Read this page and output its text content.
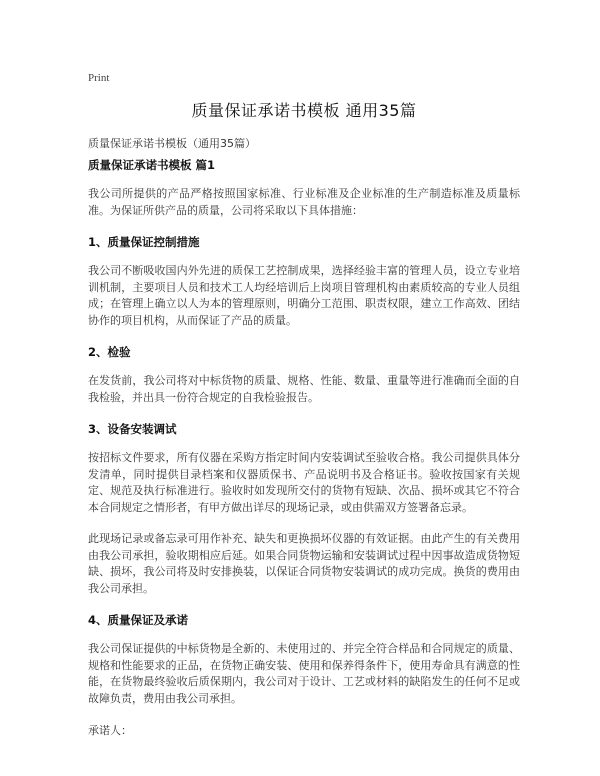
Print
质量保证承诺书模板 通用35篇
质量保证承诺书模板（通用35篇）
质量保证承诺书模板 篇1
我公司所提供的产品严格按照国家标准、行业标准及企业标准的生产制造标准及质量标准。为保证所供产品的质量，公司将采取以下具体措施：
1、质量保证控制措施
我公司不断吸收国内外先进的质保工艺控制成果，选择经验丰富的管理人员，设立专业培训机制，主要项目人员和技术工人均经培训后上岗项目管理机构由素质较高的专业人员组成；在管理上确立以人为本的管理原则，明确分工范围、职责权限，建立工作高效、团结协作的项目机构，从而保证了产品的质量。
2、检验
在发货前，我公司将对中标货物的质量、规格、性能、数量、重量等进行准确而全面的自我检验，并出具一份符合规定的自我检验报告。
3、设备安装调试
按招标文件要求，所有仪器在采购方指定时间内安装调试至验收合格。我公司提供具体分发清单，同时提供目录档案和仪器质保书、产品说明书及合格证书。验收按国家有关规定、规范及执行标准进行。验收时如发现所交付的货物有短缺、次品、损坏或其它不符合本合同规定之情形者，有甲方做出详尽的现场记录，或由供需双方签署备忘录。
此现场记录或备忘录可用作补充、缺失和更换损坏仪器的有效证据。由此产生的有关费用由我公司承担，验收期相应后延。如果合同货物运输和安装调试过程中因事故造成货物短缺、损坏，我公司将及时安排换装，以保证合同货物安装调试的成功完成。换货的费用由我公司承担。
4、质量保证及承诺
我公司保证提供的中标货物是全新的、未使用过的、并完全符合样品和合同规定的质量、规格和性能要求的正品，在货物正确安装、使用和保养得条件下，使用寿命具有满意的性能，在货物最终验收后质保期内，我公司对于设计、工艺或材料的缺陷发生的任何不足或故障负责，费用由我公司承担。
承诺人：
